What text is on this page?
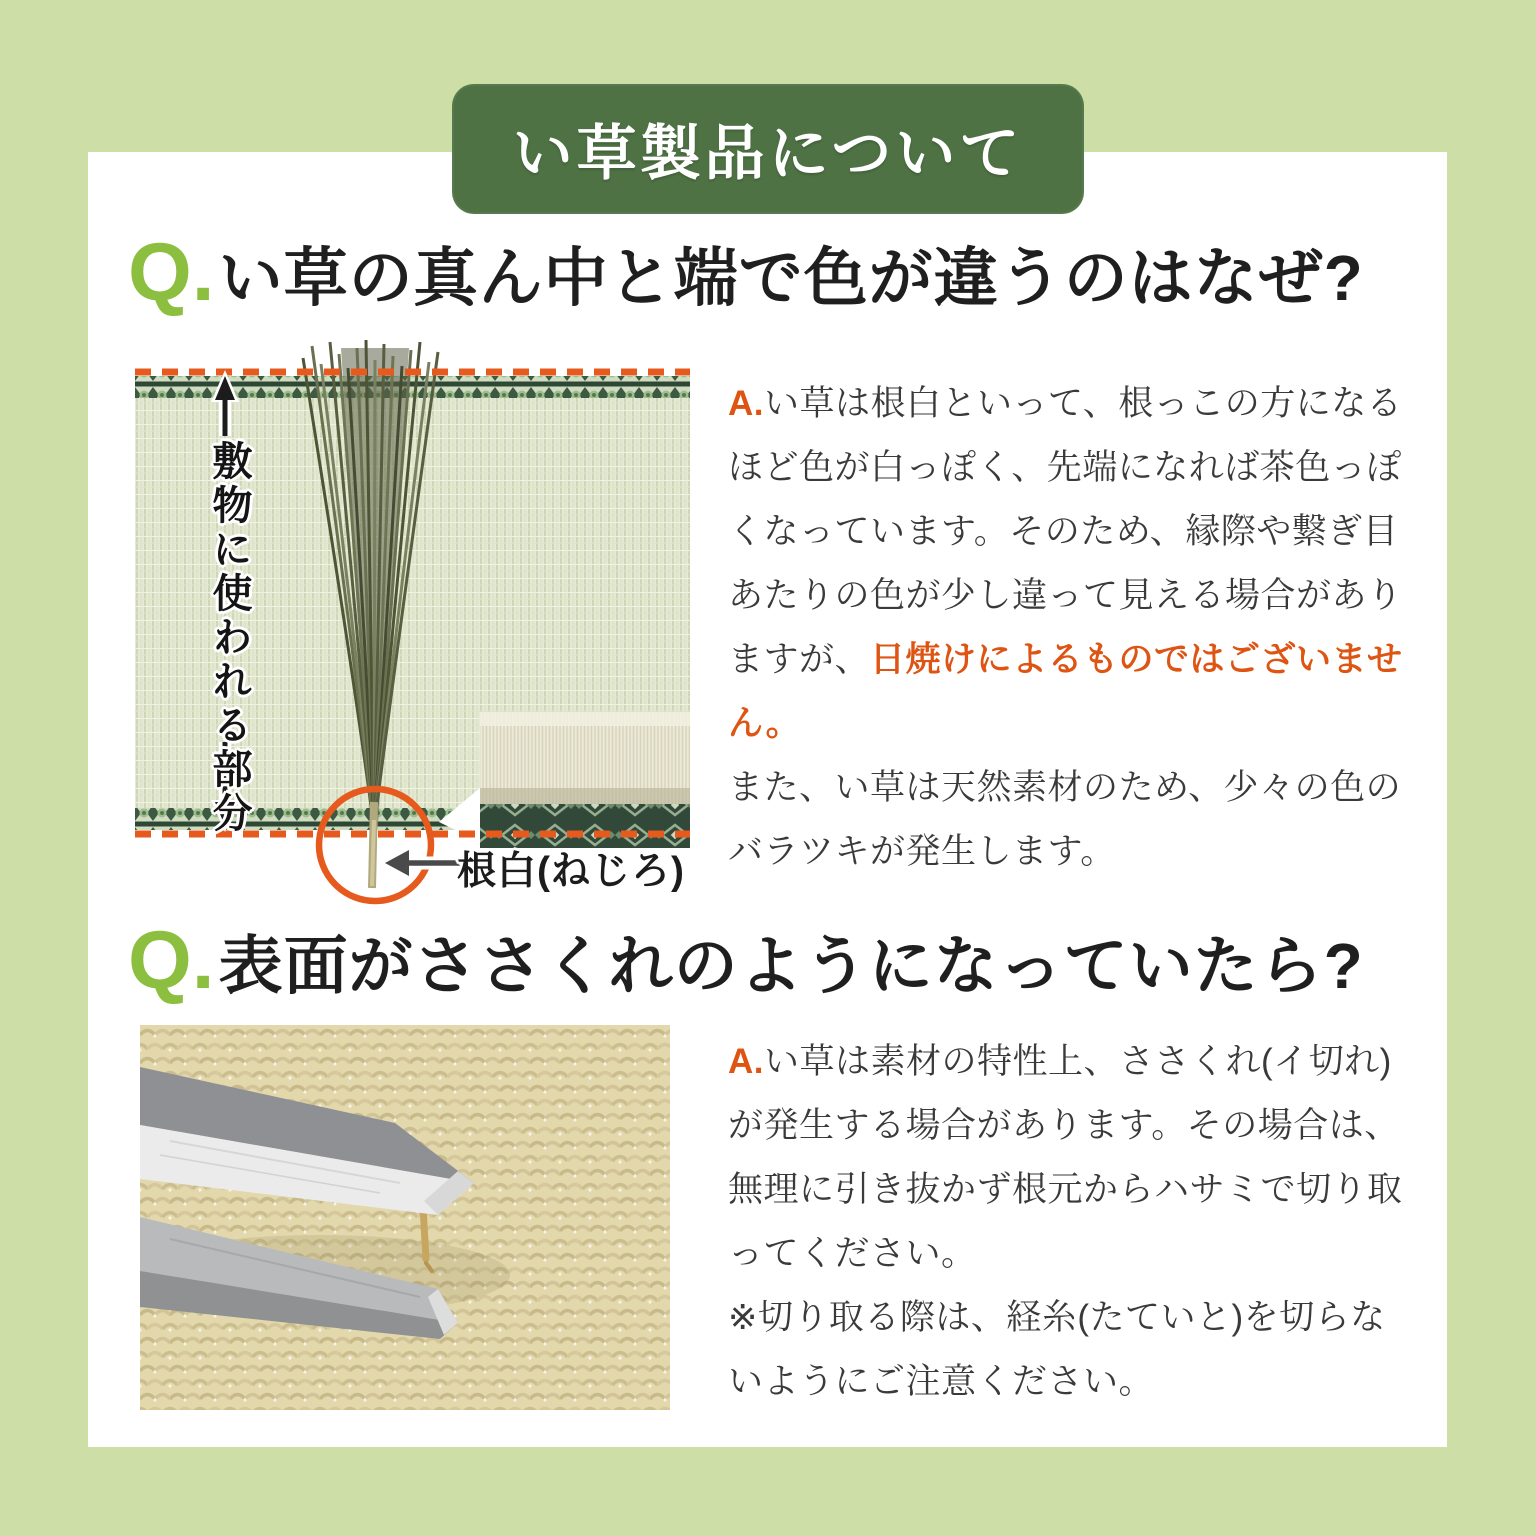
い草製品について
Q. い草の真ん中と端で色が違うのはなぜ?
敷物に使われる部分
根白(ねじろ)

A.い草は根白といって、根っこの方になるほど色が白っぽく、先端になれば茶色っぽくなっています。そのため、縁際や繋ぎ目あたりの色が少し違って見える場合がありますが、日焼けによるものではございません。

また、い草は天然素材のため、少々の色のバラツキが発生します。

Q. 表面がささくれのようになっていたら?

A.い草は素材の特性上、ささくれ(イ切れ)が発生する場合があります。その場合は、無理に引き抜かず根元からハサミで切り取ってください。

※切り取る際は、経糸(たていと)を切らないようにご注意ください。
